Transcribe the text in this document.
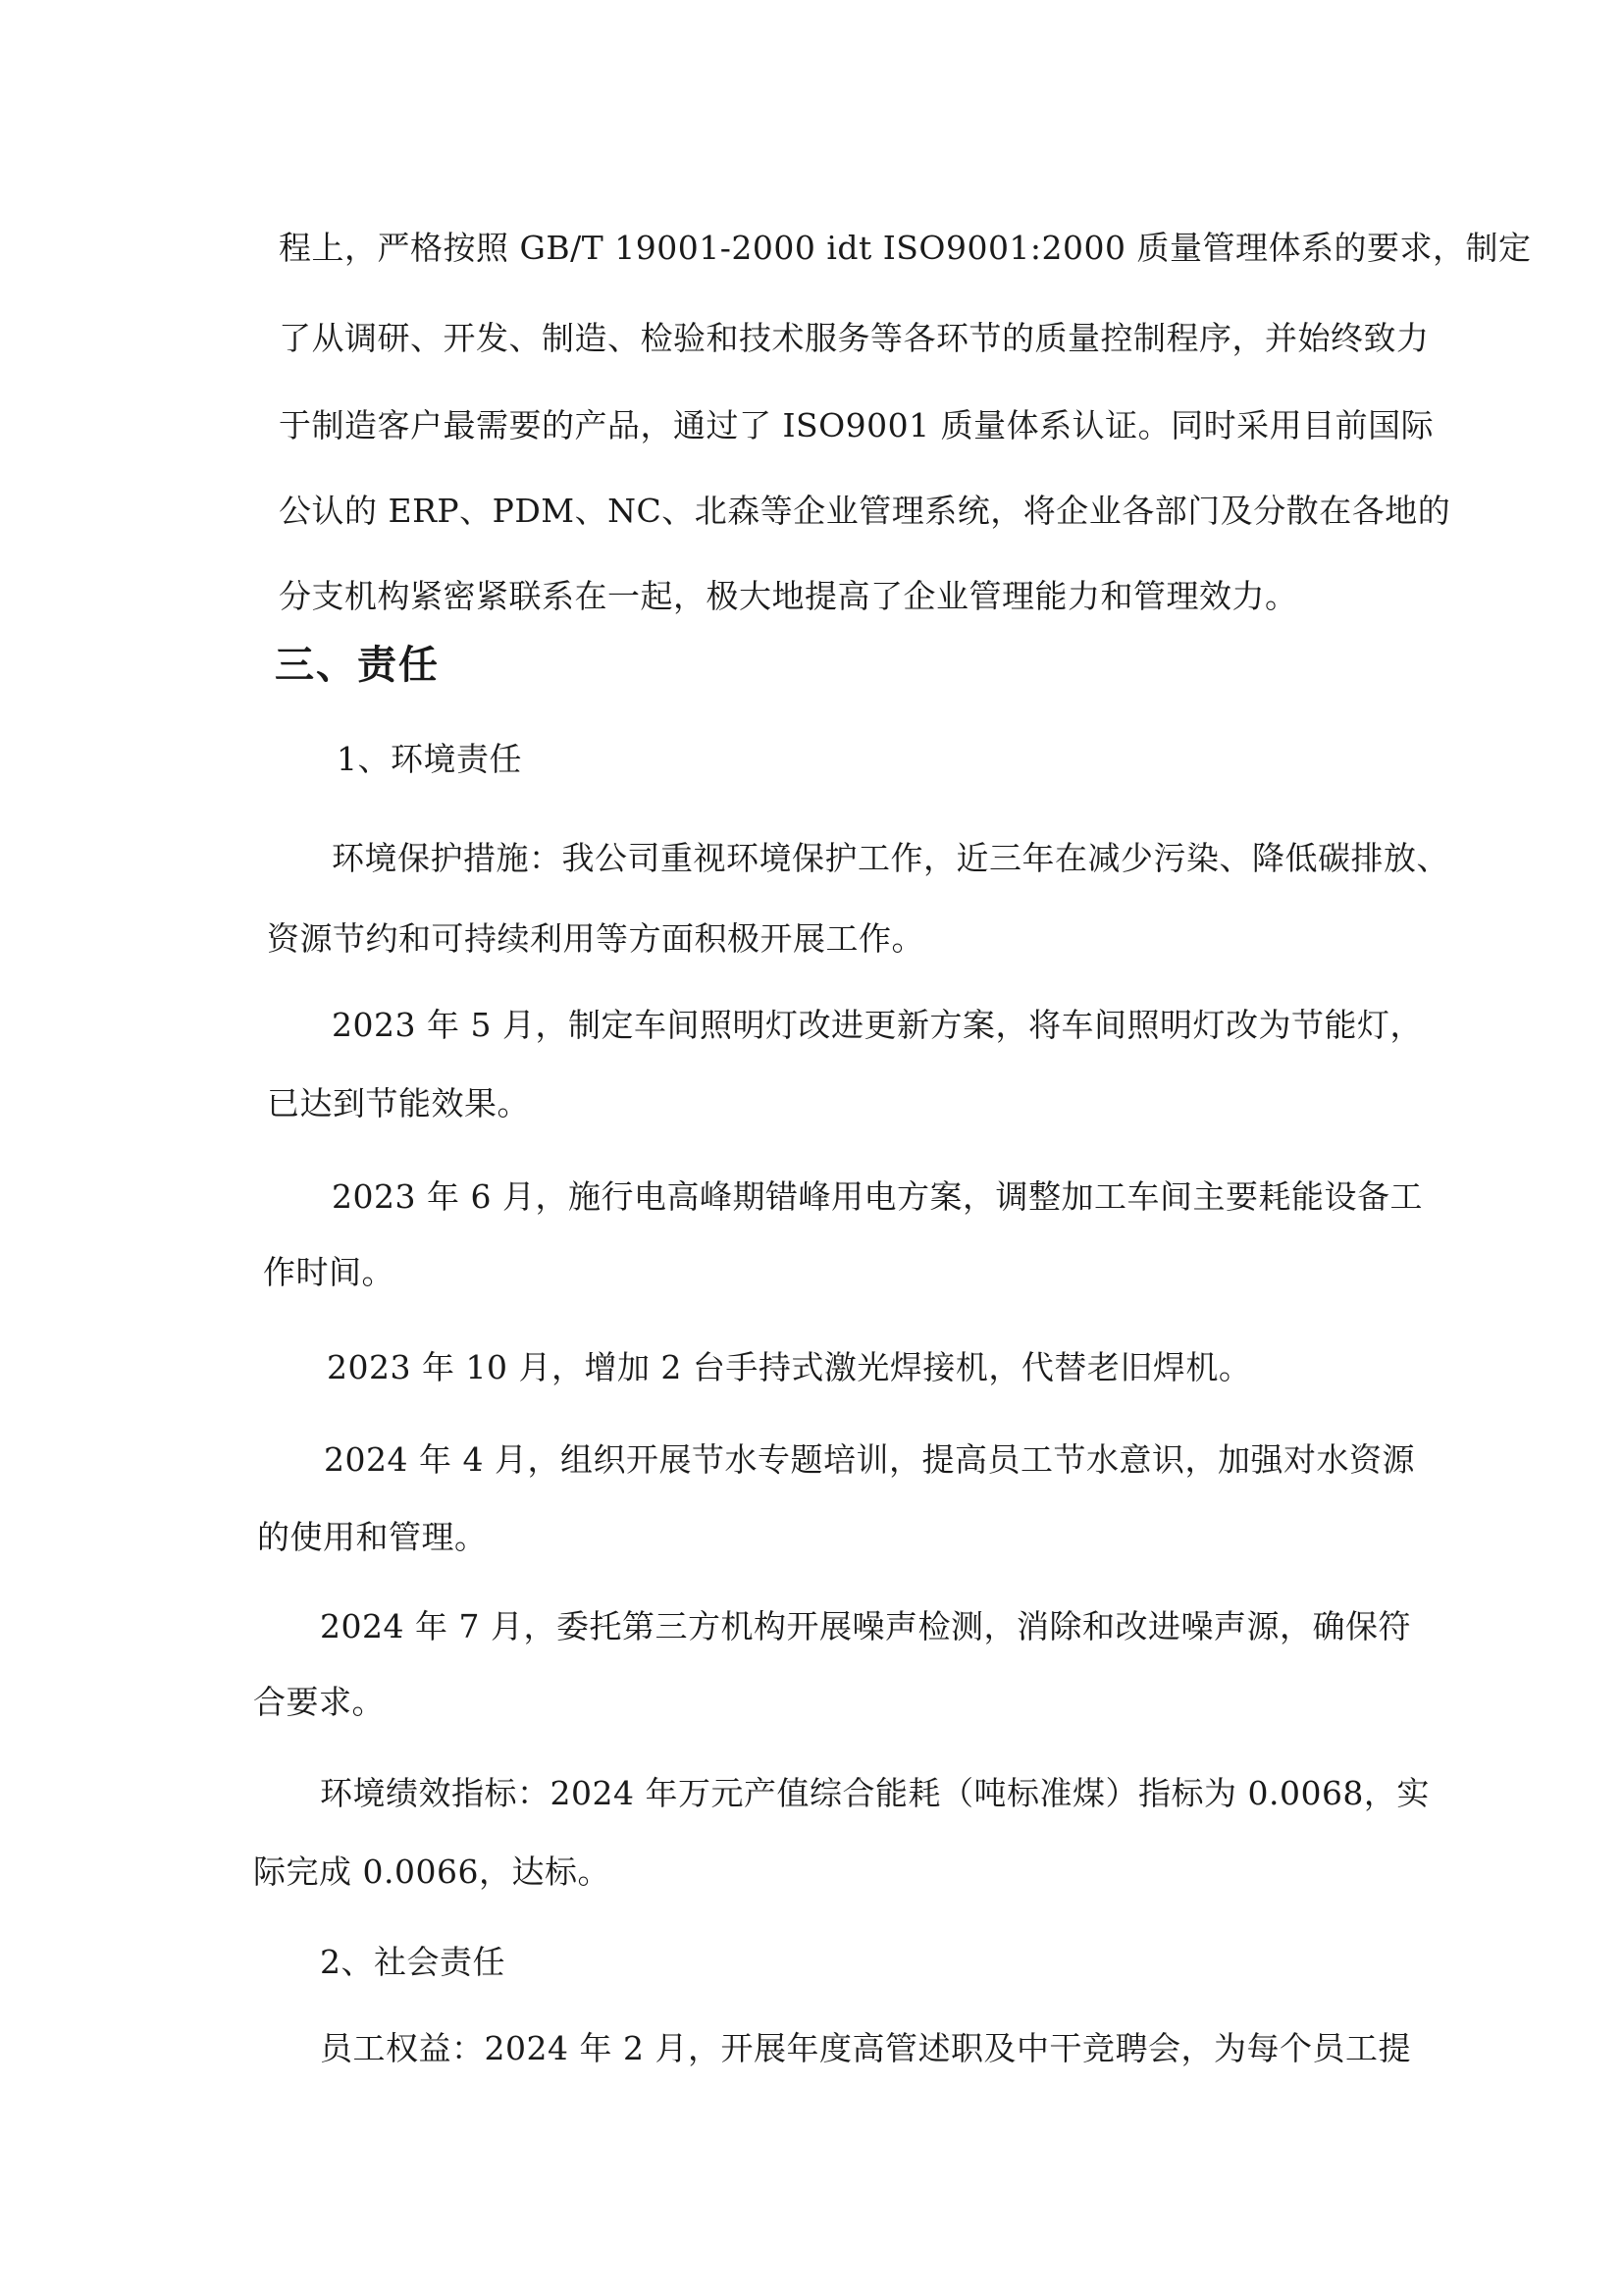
程上，严格按照 GB/T 19001-2000 idt ISO9001:2000 质量管理体系的要求，制定
了从调研、开发、制造、检验和技术服务等各环节的质量控制程序，并始终致力
于制造客户最需要的产品，通过了 ISO9001 质量体系认证。同时采用目前国际
公认的 ERP、PDM、NC、北森等企业管理系统，将企业各部门及分散在各地的
分支机构紧密紧联系在一起，极大地提高了企业管理能力和管理效力。
三、责任
1、环境责任
环境保护措施：我公司重视环境保护工作，近三年在减少污染、降低碳排放、
资源节约和可持续利用等方面积极开展工作。
2023 年 5 月，制定车间照明灯改进更新方案，将车间照明灯改为节能灯，
已达到节能效果。
2023 年 6 月，施行电高峰期错峰用电方案，调整加工车间主要耗能设备工
作时间。
2023 年 10 月，增加 2 台手持式激光焊接机，代替老旧焊机。
2024 年 4 月，组织开展节水专题培训，提高员工节水意识，加强对水资源
的使用和管理。
2024 年 7 月，委托第三方机构开展噪声检测，消除和改进噪声源，确保符
合要求。
环境绩效指标：2024 年万元产值综合能耗（吨标准煤）指标为 0.0068，实
际完成 0.0066，达标。
2、社会责任
员工权益：2024 年 2 月，开展年度高管述职及中干竞聘会，为每个员工提
